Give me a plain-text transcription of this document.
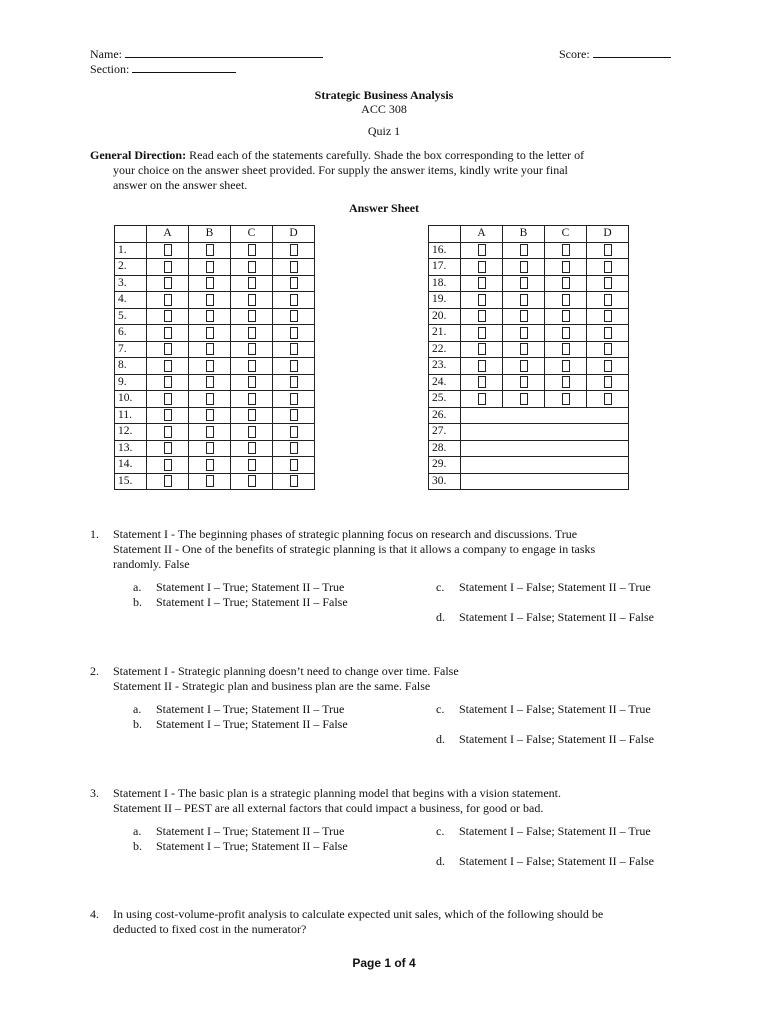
Name:
Section:
Score:
Strategic Business Analysis
ACC 308
Quiz 1
General Direction: Read each of the statements carefully. Shade the box corresponding to the letter of
your choice on the answer sheet provided. For supply the answer items, kindly write your final
answer on the answer sheet.
Answer Sheet
	A	B	C	D
1.				
2.				
3.				
4.				
5.				
6.				
7.				
8.				
9.				
10.				
11.				
12.				
13.				
14.				
15.				
	A	B	C	D
16.				
17.				
18.				
19.				
20.				
21.				
22.				
23.				
24.				
25.				
26.				
27.				
28.				
29.				
30.				
1. Statement I - The beginning phases of strategic planning focus on research and discussions. True
Statement II - One of the benefits of strategic planning is that it allows a company to engage in tasks
randomly. False
a. Statement I – True; Statement II – True
b. Statement I – True; Statement II – False
c. Statement I – False; Statement II – True
d. Statement I – False; Statement II – False
2. Statement I - Strategic planning doesn’t need to change over time. False
Statement II - Strategic plan and business plan are the same. False
a. Statement I – True; Statement II – True
b. Statement I – True; Statement II – False
c. Statement I – False; Statement II – True
d. Statement I – False; Statement II – False
3. Statement I - The basic plan is a strategic planning model that begins with a vision statement.
Statement II – PEST are all external factors that could impact a business, for good or bad.
a. Statement I – True; Statement II – True
b. Statement I – True; Statement II – False
c. Statement I – False; Statement II – True
d. Statement I – False; Statement II – False
4. In using cost-volume-profit analysis to calculate expected unit sales, which of the following should be
deducted to fixed cost in the numerator?
Page 1 of 4
